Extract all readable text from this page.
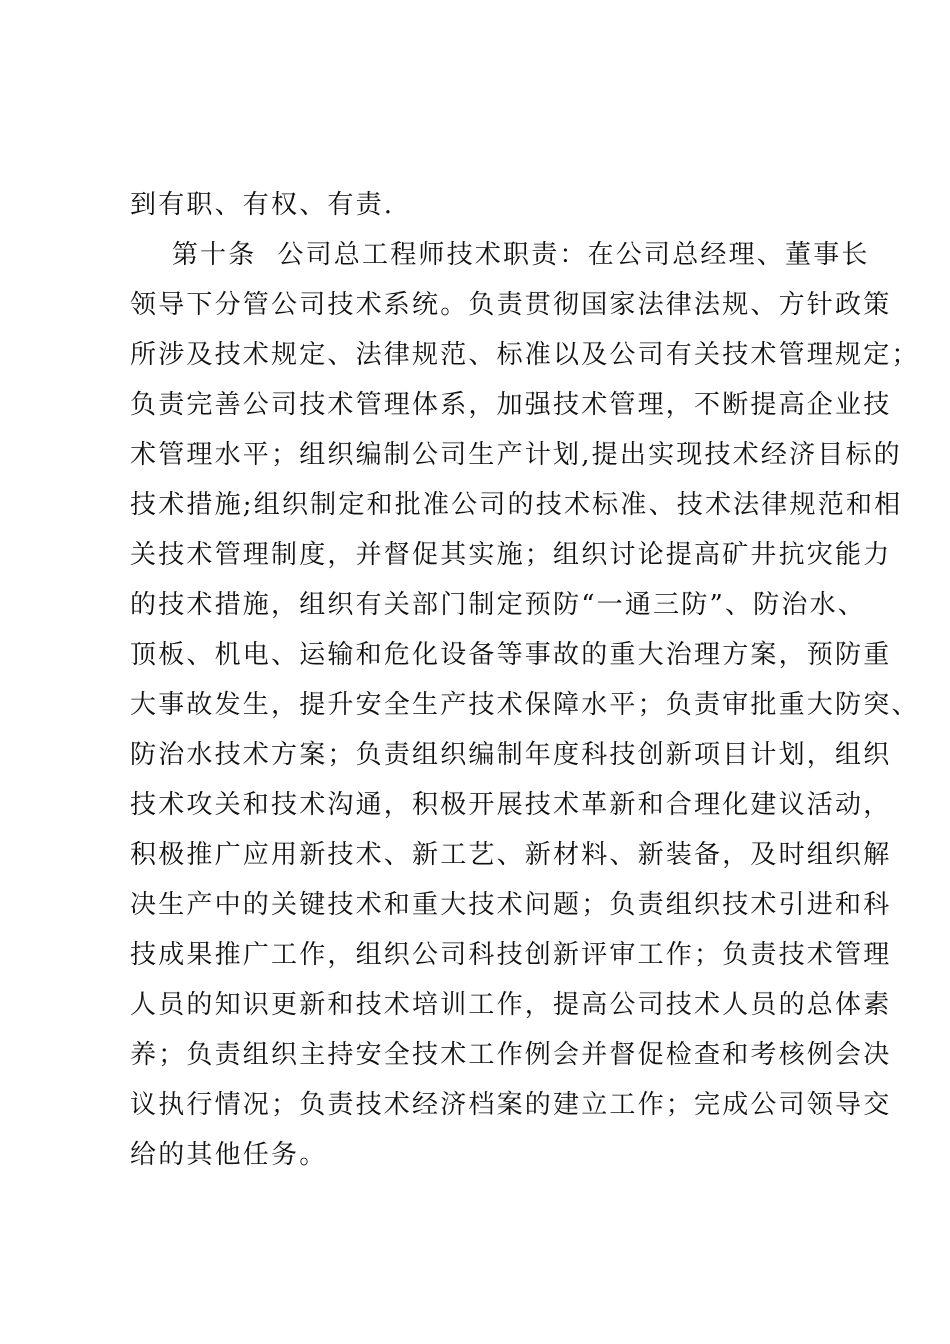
到有职、有权、有责.
第十条  公司总工程师技术职责：在公司总经理、董事长
领导下分管公司技术系统。负责贯彻国家法律法规、方针政策
所涉及技术规定、法律规范、标准以及公司有关技术管理规定；
负责完善公司技术管理体系，加强技术管理，不断提高企业技
术管理水平；组织编制公司生产计划,提出实现技术经济目标的
技术措施;组织制定和批准公司的技术标准、技术法律规范和相
关技术管理制度，并督促其实施；组织讨论提高矿井抗灾能力
的技术措施，组织有关部门制定预防“一通三防”、防治水、
顶板、机电、运输和危化设备等事故的重大治理方案，预防重
大事故发生，提升安全生产技术保障水平；负责审批重大防突、
防治水技术方案；负责组织编制年度科技创新项目计划，组织
技术攻关和技术沟通，积极开展技术革新和合理化建议活动，
积极推广应用新技术、新工艺、新材料、新装备，及时组织解
决生产中的关键技术和重大技术问题；负责组织技术引进和科
技成果推广工作，组织公司科技创新评审工作；负责技术管理
人员的知识更新和技术培训工作，提高公司技术人员的总体素
养；负责组织主持安全技术工作例会并督促检查和考核例会决
议执行情况；负责技术经济档案的建立工作；完成公司领导交
给的其他任务。
